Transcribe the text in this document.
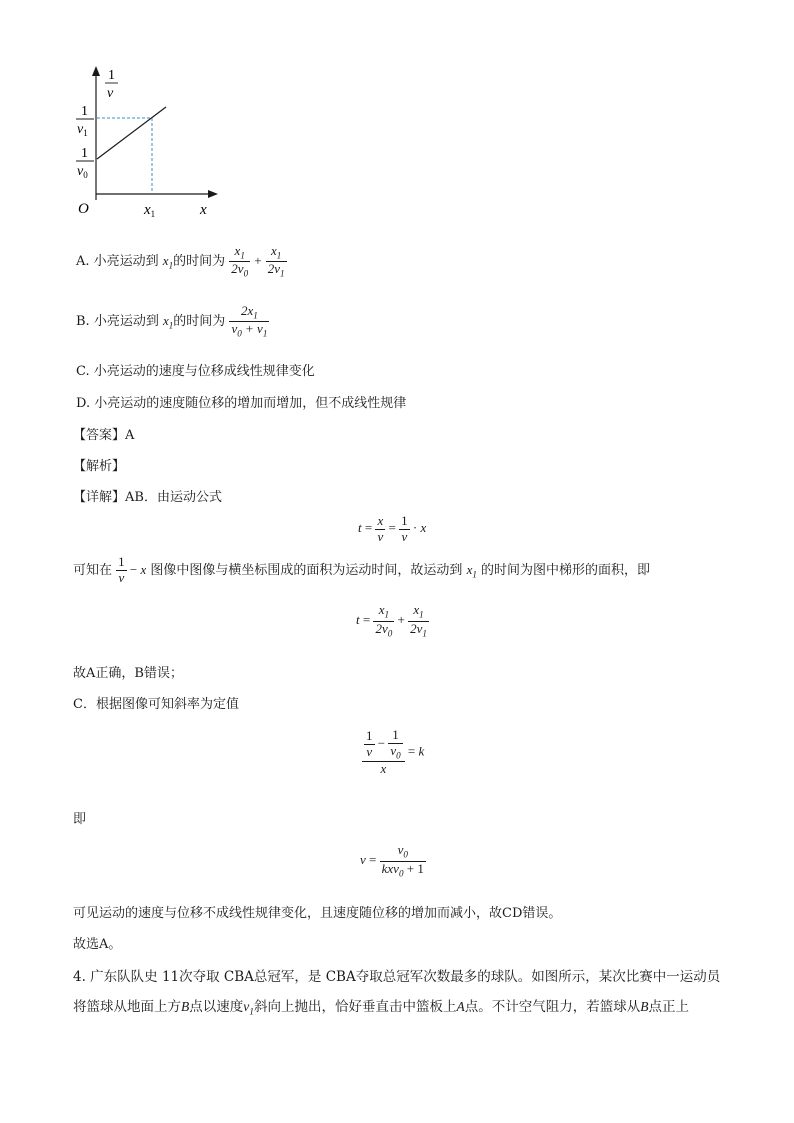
1
v
1
$v_1$
1
$v_0$
O	$x_1$	x
A. 小亮运动到 $x_1$的时间为 $\frac{x_1}{2v_0} + \frac{x_1}{2v_1}$
B. 小亮运动到 $x_1$的时间为 $\frac{2x_1}{v_0 + v_1}$
C. 小亮运动的速度与位移成线性规律变化
D. 小亮运动的速度随位移的增加而增加，但不成线性规律
【答案】A
【解析】
【详解】AB．由运动公式
$t = \frac{x}{v} = \frac{1}{v} \cdot x$
可知在 $\frac{1}{v} - x$ 图像中图像与横坐标围成的面积为运动时间，故运动到 $x_1$ 的时间为图中梯形的面积，即
$t = \frac{x_1}{2v_0} + \frac{x_1}{2v_1}$
故A正确，B错误；
C．根据图像可知斜率为定值
$\frac{\frac{1}{v} - \frac{1}{v_0}}{x} = k$
即
$v = \frac{v_0}{kxv_0 + 1}$
可见运动的速度与位移不成线性规律变化，且速度随位移的增加而减小，故CD错误。
故选A。
4. 广东队队史 11次夺取 CBA总冠军，是 CBA夺取总冠军次数最多的球队。如图所示，某次比赛中一运动员
将篮球从地面上方B点以速度$v_1$斜向上抛出，恰好垂直击中篮板上A点。不计空气阻力，若篮球从B点正上
